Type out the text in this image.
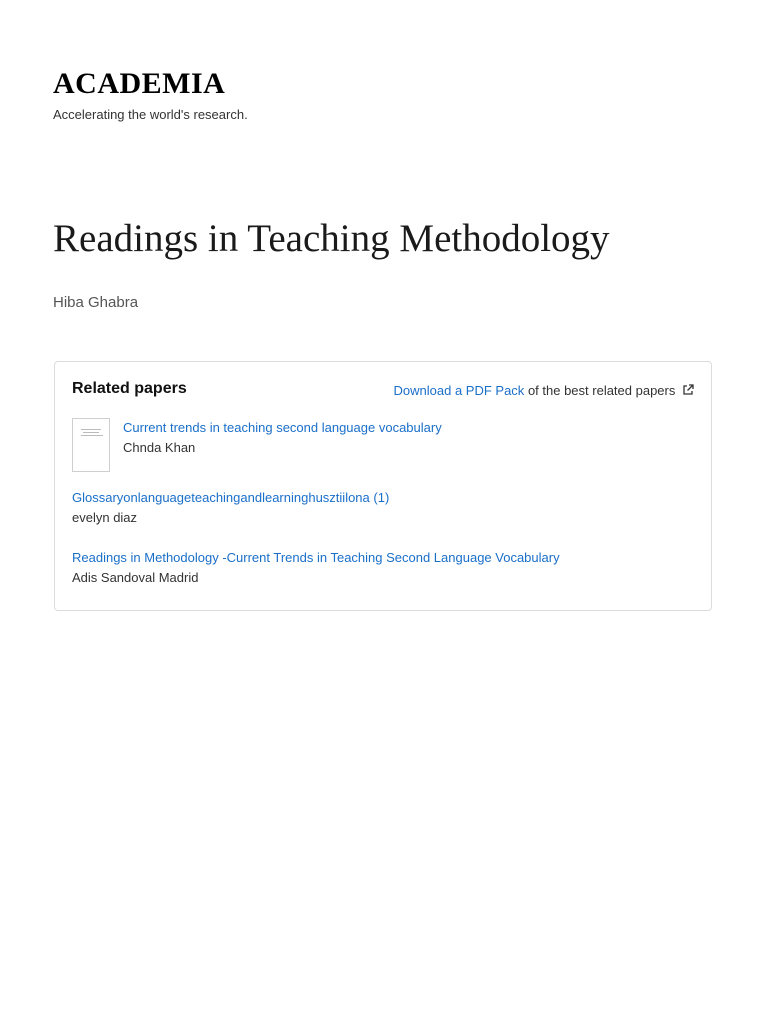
ACADEMIA
Accelerating the world's research.
Readings in Teaching Methodology
Hiba Ghabra
Related papers	Download a PDF Pack of the best related papers
Current trends in teaching second language vocabulary
Chnda Khan
Glossaryonlanguageteachingandlearninghusztiilona (1)
evelyn diaz
Readings in Methodology -Current Trends in Teaching Second Language Vocabulary
Adis Sandoval Madrid
